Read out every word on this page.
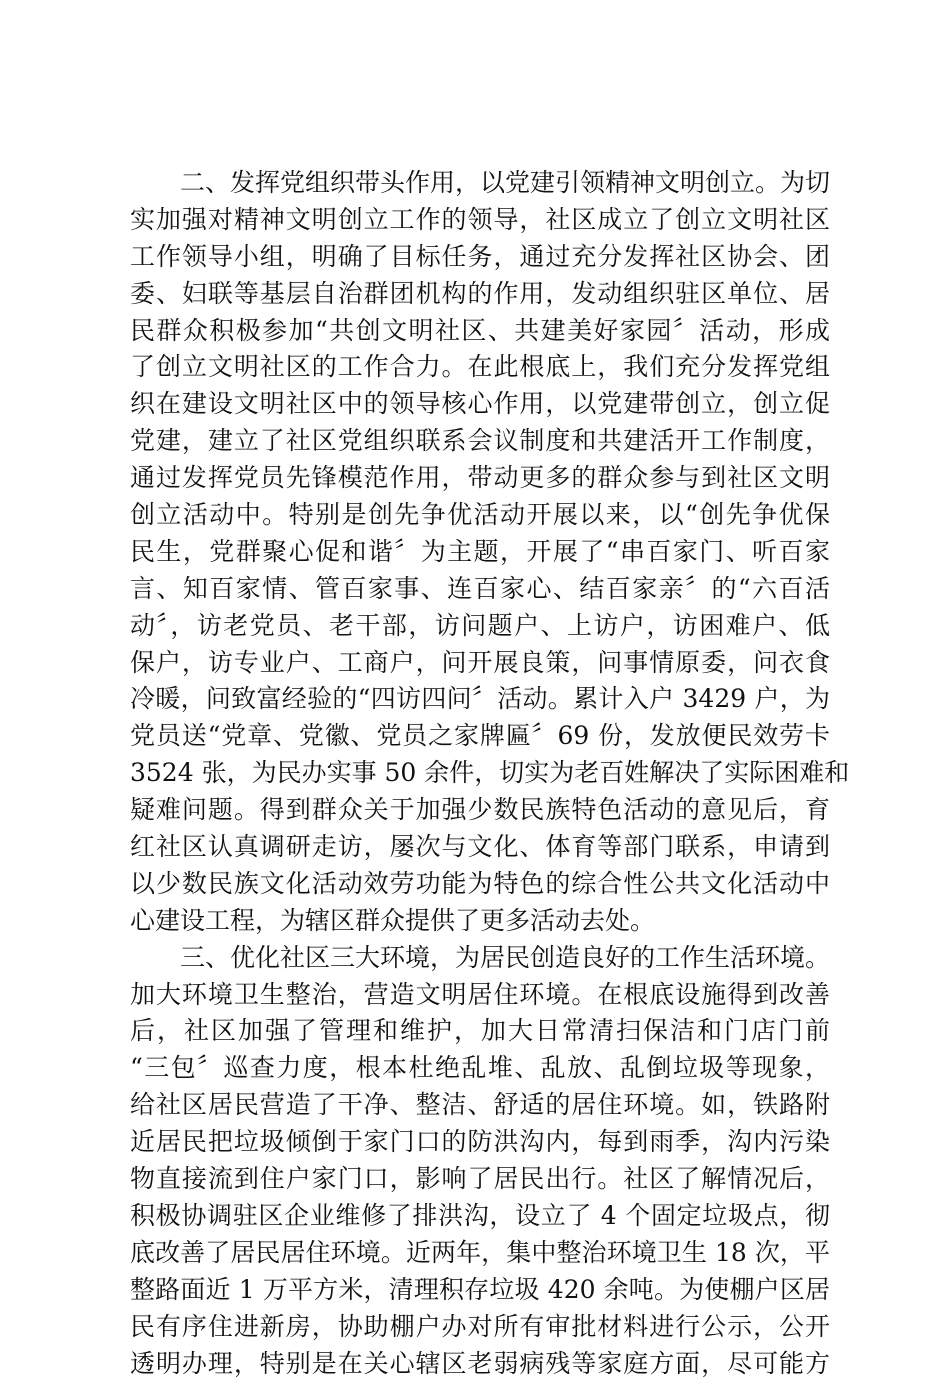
二、发挥党组织带头作用，以党建引领精神文明创立。为切
实加强对精神文明创立工作的领导，社区成立了创立文明社区
工作领导小组，明确了目标任务，通过充分发挥社区协会、团
委、妇联等基层自治群团机构的作用，发动组织驻区单位、居
民群众积极参加“共创文明社区、共建美好家园〞活动，形成
了创立文明社区的工作合力。在此根底上，我们充分发挥党组
织在建设文明社区中的领导核心作用，以党建带创立，创立促
党建，建立了社区党组织联系会议制度和共建活开工作制度，
通过发挥党员先锋模范作用，带动更多的群众参与到社区文明
创立活动中。特别是创先争优活动开展以来，以“创先争优保
民生，党群聚心促和谐〞为主题，开展了“串百家门、听百家
言、知百家情、管百家事、连百家心、结百家亲〞的“六百活
动〞，访老党员、老干部，访问题户、上访户，访困难户、低
保户，访专业户、工商户，问开展良策，问事情原委，问衣食
冷暖，问致富经验的“四访四问〞活动。累计入户 3429 户，为
党员送“党章、党徽、党员之家牌匾〞69 份，发放便民效劳卡
3524 张，为民办实事 50 余件，切实为老百姓解决了实际困难和
疑难问题。得到群众关于加强少数民族特色活动的意见后，育
红社区认真调研走访，屡次与文化、体育等部门联系，申请到
以少数民族文化活动效劳功能为特色的综合性公共文化活动中
心建设工程，为辖区群众提供了更多活动去处。
三、优化社区三大环境，为居民创造良好的工作生活环境。
加大环境卫生整治，营造文明居住环境。在根底设施得到改善
后，社区加强了管理和维护，加大日常清扫保洁和门店门前
“三包〞巡查力度，根本杜绝乱堆、乱放、乱倒垃圾等现象，
给社区居民营造了干净、整洁、舒适的居住环境。如，铁路附
近居民把垃圾倾倒于家门口的防洪沟内，每到雨季，沟内污染
物直接流到住户家门口，影响了居民出行。社区了解情况后，
积极协调驻区企业维修了排洪沟，设立了 4 个固定垃圾点，彻
底改善了居民居住环境。近两年，集中整治环境卫生 18 次，平
整路面近 1 万平方米，清理积存垃圾 420 余吨。为使棚户区居
民有序住进新房，协助棚户办对所有审批材料进行公示，公开
透明办理，特别是在关心辖区老弱病残等家庭方面，尽可能方
